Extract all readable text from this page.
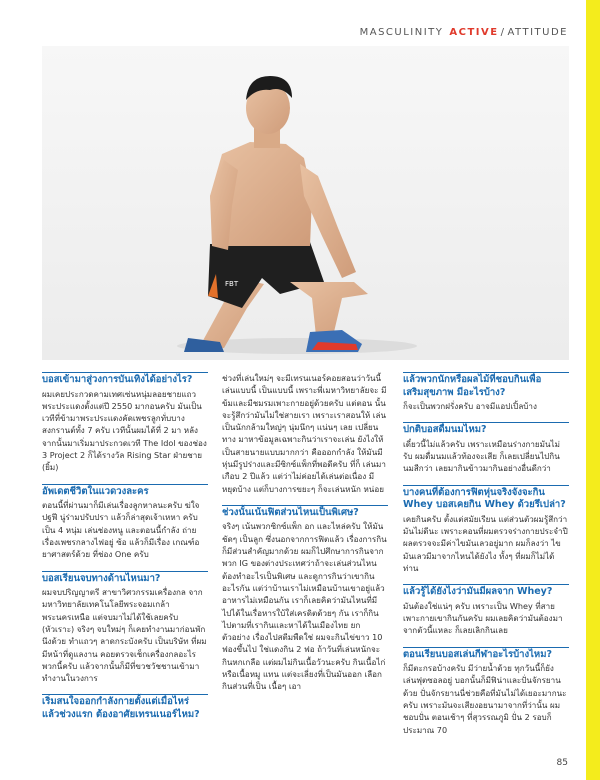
MASCULINITY ACTIVE / ATTITUDE
FBT
บอสเข้ามาสู่วงการบันเทิงได้อย่างไร?
ผมเคยประกวดคามเทศเซ่นหนุ่มลอยชายแถว พระประแดงตั้งแต่ปี 2550 มากอนครับ มันเป็น เวทีที่ข้ามาพระประแดงคัดเพชรลูกทั่บบาง สงกรานต์ทั้ง 7 ครับ เวทีนั้นผมได้ที่ 2 มา หลัง จากนั้นมาเริ่มมาประกวดเวที The Idol ของช่อง 3 Project 2 ก็ได้รางวัล Rising Star ฝ่ายชาย (ยิ้ม)
อัพเดตชีวิตในแวดวงละคร
ตอนนี้ที่ผ่านมาก็มีเล่นเรื่องลูกหาลนะครับ ฆ่ใจปฐฟี นู่ร่ามปรับปรา แล้วก็ล่าสุดเจ้าเหหา ครับ เป็น 4 หนุ่ม เล่นช่องหนู และตอนนี้กำลัง ถ่ายเรื่องเพชรกลางไฟอยู่ ซ้อ แล้วก็มีเรื่อง เกณฑ์อยาศาสตร์ด้วย ที่ช่อง One ครับ
บอสเรียนจบทางด้านไหนมา?
ผมจบปริญญาตรี สาขาวิศวกรรมเครื่องกล จากมหาวิทยาลัยเทคโนโลยีพระจอมเกล้า พระนครเหนือ แต่จบมาไม่ได้ใช้เลยครับ (หัวเราะ) จริงๆ จบใหม่ๆ ก็เคยทำงานมาก่อนพัก นึงด้วย ทำแถวๆ ลาดกระบังครับ เป็นบริษัท ที่ผมมีหน้าที่ดูแลงาน คอยตรวจเช็กเครื่องกลอะไร พวกนี้ครับ แล้วจากนั้นก็มีที่ขวชวัชชานเข้ามา ทำงานในวงการ
เริ่มสนใจออกกำลังกายตั้งแต่เมื่อไหร่ แล้วช่วงแรก ต้องอาศัยเทรนเนอร์ไหม?
ช่วงที่เล่นใหม่ๆ จะมีเทรนเนอร์คอยสอนว่าวันนี้ เล่นแบบนี้ เป็นแบบนี้ เพราะพี่เมหาวิทยาลัยจะ มีข้มและมีชมรมเพาะกายอยู่ด้วยครับ แต่ตอน นั้นจะรู้สึกว่ามันไม่ใช่สายเรา เพราะเราสอนให้ เล่นเป็นนักกล้ามใหญ่ๆ นุ่มนึกๆ แน่นๆ เลย เปลี่ยนทาง มาหาข้อมูลเฉพาะกินว่าเราจะเล่น ยังไงให้เป็นสายนายแบบมากกว่า คือออกกำลัง ให้มันมีหุ่นมีรูปร่างและมีซิกซ์แพ็กที่พอดีครับ ที่ก็ เล่นมาเกือบ 2 ปีแล้ว แต่ว่าไม่ค่อยได้เล่นต่อเนื่อง มีหยุดบ้าง แต่ก็บางการขยะๆ ก็จะเล่นหนัก หน่อย
ช่วงนั้นเน้นฟิตส่วนไหนเป็นพิเศษ?
จริงๆ เน้นพวกซิกซ์แพ็ก อก และไหล่ครับ ให้มัน ชัดๆ เป็นลูก ซึ่งนอกจากการฟิตแล้ว เรื่องการกิน ก็มีส่วนสำคัญมากด้วย ผมก็ไปศึกษาการกินจาก พวก IG ของต่างประเทศว่าถ้าจะเล่นส่วนไหน ต้องทำอะไรเป็นพิเศษ และดูการกินว่าเขากิน อะไรกัน แต่ว่าบ้านเราไม่เหมือนบ้านเขาอยู่แล้ว อาหารไม่เหมือนกัน เราก็เลยคิดว่ามันไหนที่มี ไปได้ในเรื่อหารใบ้ใส่เครดิตด้วยๆ กัน เราก็กิน ไปตามที่เรากินและหาได้ในเมืองไทย ยกตัวอย่าง เรื่องไปสตีมพืดใช่ ผมจะกินไข่ขาว 10 ฟองขึ้นไป ใช่แดงกิน 2 ฟอ ถ้าวันที่เล่นหนักจะกินหกเกลือ แต่ผมไม่กินเนื้อวัวนะครับ กินเนื้อไก่หรือเนื้อหมู แทน แต่จะเลี่ยงที่เป็นมันออก เลือกกินส่วนที่เป็น เนื้อๆ เอา
แล้วพวกนักหรือผลไม้ที่ชอบกินเพื่อเสริมสุขภาพ มีอะไรบ้าง?
ก็จะเป็นพวกฝรั่งครับ อาจมีแอปเปิ้ลบ้าง
ปกติบอสดื่มนมไหม?
เดี๋ยวนี้ไม่แล้วครับ เพราะเหมือนร่างกายมันไม่รับ ผมดื่มนมแล้วท้องจะเสีย ก็เลยเปลี่ยนไปกินนมสีกว่า เลยมากินข้าวมากินอย่างอื่นดีกว่า
บางคนที่ต้องการฟิตหุ่นจริงจังจะกิน Whey บอสเคยกิน Whey ด้วยรึเปล่า?
เคยกินครับ ตั้งแต่สมัยเรียน แต่ส่วนตัวผมรู้สึกว่า มันไม่ดีนะ เพราะคอนที่ผมตรวจร่างกายประจำปี ผลตรวจจะมีค่าไขมันเลวอยู่มาก ผมก็ลงว่า ไขมันเลวมีมาจากไหนได้ยังไง ทั้งๆ ที่ผมก็ไม่ได้ท่าน
แล้วรู้ได้ยังไงว่ามันมีผลจาก Whey?
มันต้องใช่แน่ๆ ครับ เพราะเป็น Whey ที่สาย เพาะกายเขากินกันครับ ผมเลยคิดว่ามันต้องมา จากตัวนี้แหละ ก็เลยเลิกกินเลย
ตอนเรียนบอสเล่นกีฬาอะไรบ้างไหม?
ก็มีตะกรอบ้างครับ มีว่ายน้ำด้วย ทุกวันนี้ก็ยัง เล่นฟุตซอลอยู่ บอกนั้นก็มีฟิน่าและปั่นจักรยานด้วย ปั่นจักรยานนี่ช่วยคือที่มันไม่ได้เยอะมากนะครับ เพราะมันจะเสียงอยนามาจากที่ว่านั้น ผมชอบปั่น ตอนเช้าๆ ที่สุวรรณภูมิ ปั่น 2 รอบก็ประมาณ 70
85
